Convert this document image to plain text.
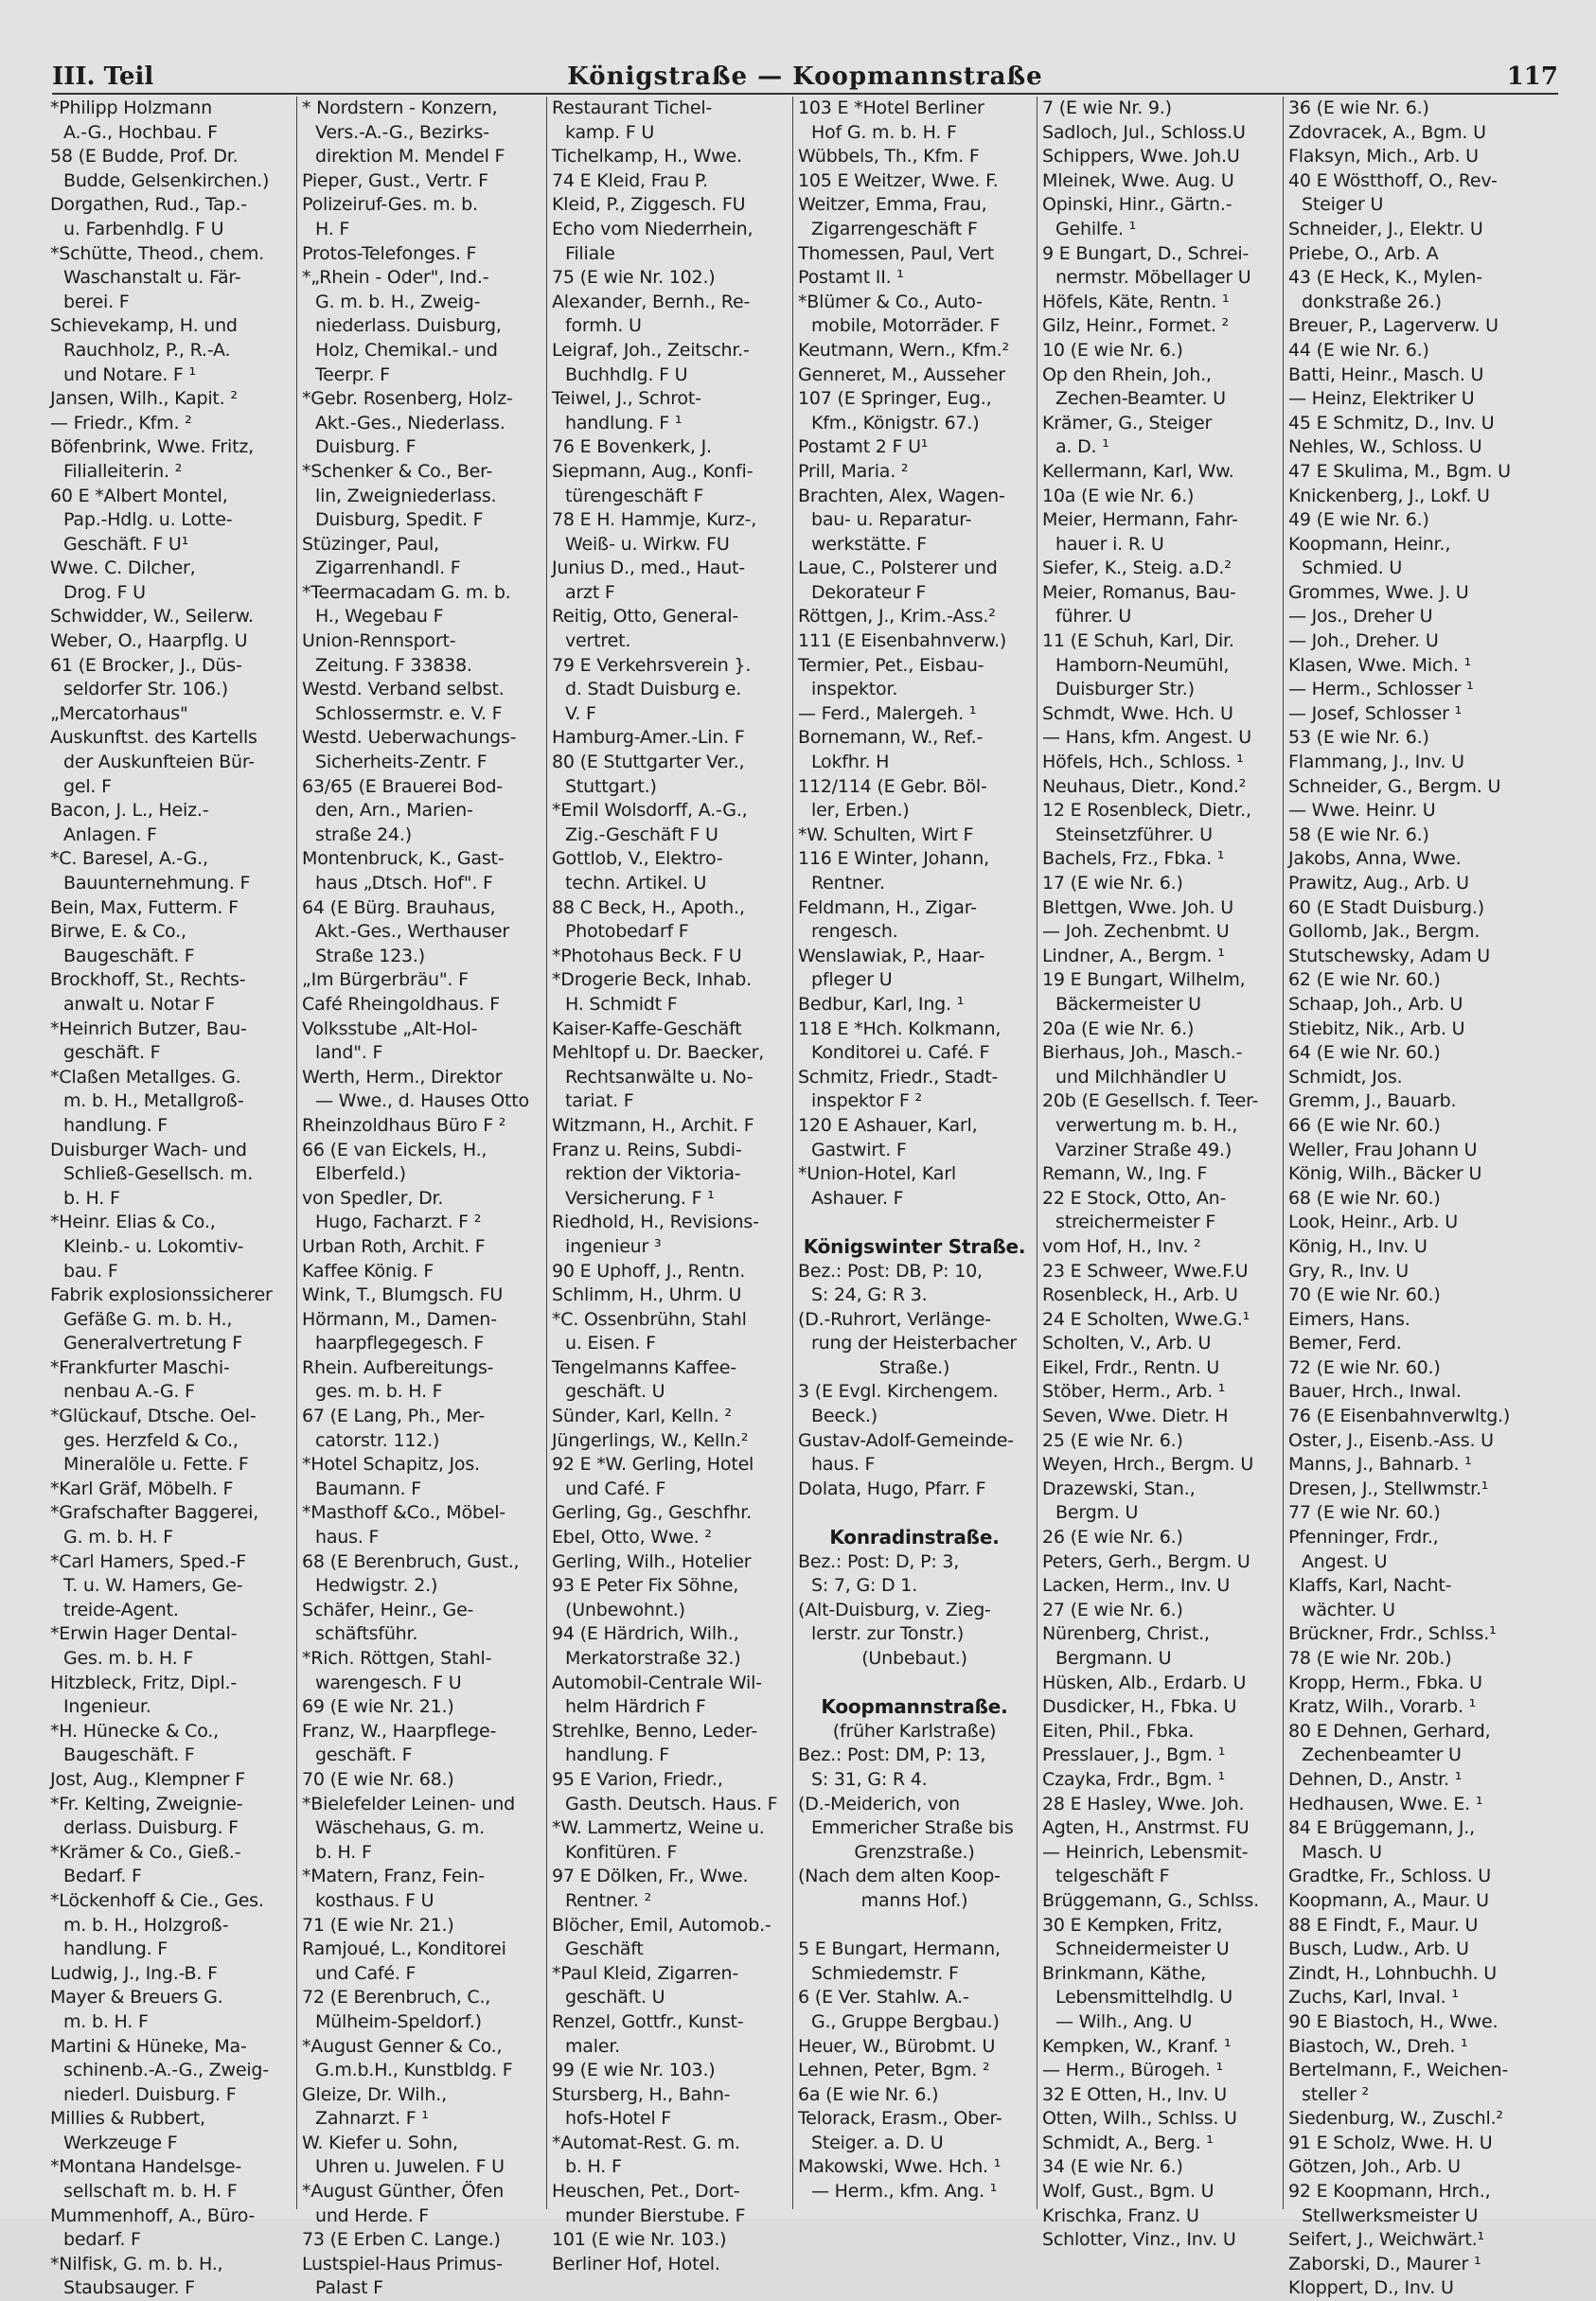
III. Teil	Königstraße — Koopmannstraße	117
*Philipp Holzmann
A.-G., Hochbau. F
58 (E Budde, Prof. Dr.
Budde, Gelsenkirchen.)
Dorgathen, Rud., Tap.-
u. Farbenhdlg. F U
*Schütte, Theod., chem.
Waschanstalt u. Fär-
berei. F
Schievekamp, H. und
Rauchholz, P., R.-A.
und Notare. F ¹
Jansen, Wilh., Kapit. ²
— Friedr., Kfm. ²
Böfenbrink, Wwe. Fritz,
Filialleiterin. ²
60 E *Albert Montel,
Pap.-Hdlg. u. Lotte-
Geschäft. F U¹
Wwe. C. Dilcher,
Drog. F U
Schwidder, W., Seilerw.
Weber, O., Haarpflg. U
61 (E Brocker, J., Düs-
seldorfer Str. 106.)
„Mercatorhaus"
Auskunftst. des Kartells
der Auskunfteien Bür-
gel. F
Bacon, J. L., Heiz.-
Anlagen. F
*C. Baresel, A.-G.,
Bauunternehmung. F
Bein, Max, Futterm. F
Birwe, E. & Co.,
Baugeschäft. F
Brockhoff, St., Rechts-
anwalt u. Notar F
*Heinrich Butzer, Bau-
geschäft. F
*Claßen Metallges. G.
m. b. H., Metallgroß-
handlung. F
Duisburger Wach- und
Schließ-Gesellsch. m.
b. H. F
*Heinr. Elias & Co.,
Kleinb.- u. Lokomtiv-
bau. F
Fabrik explosionssicherer
Gefäße G. m. b. H.,
Generalvertretung F
*Frankfurter Maschi-
nenbau A.-G. F
*Glückauf, Dtsche. Oel-
ges. Herzfeld & Co.,
Mineralöle u. Fette. F
*Karl Gräf, Möbelh. F
*Grafschafter Baggerei,
G. m. b. H. F
*Carl Hamers, Sped.-F
T. u. W. Hamers, Ge-
treide-Agent.
*Erwin Hager Dental-
Ges. m. b. H. F
Hitzbleck, Fritz, Dipl.-
Ingenieur.
*H. Hünecke & Co.,
Baugeschäft. F
Jost, Aug., Klempner F
*Fr. Kelting, Zweignie-
derlass. Duisburg. F
*Krämer & Co., Gieß.-
Bedarf. F
*Löckenhoff & Cie., Ges.
m. b. H., Holzgroß-
handlung. F
Ludwig, J., Ing.-B. F
Mayer & Breuers G.
m. b. H. F
Martini & Hüneke, Ma-
schinenb.-A.-G., Zweig-
niederl. Duisburg. F
Millies & Rubbert,
Werkzeuge F
*Montana Handelsge-
sellschaft m. b. H. F
Mummenhoff, A., Büro-
bedarf. F
*Nilfisk, G. m. b. H.,
Staubsauger. F
* Nordstern - Konzern,
Vers.-A.-G., Bezirks-
direktion M. Mendel F
Pieper, Gust., Vertr. F
Polizeiruf-Ges. m. b.
H. F
Protos-Telefonges. F
*„Rhein - Oder", Ind.-
G. m. b. H., Zweig-
niederlass. Duisburg,
Holz, Chemikal.- und
Teerpr. F
*Gebr. Rosenberg, Holz-
Akt.-Ges., Niederlass.
Duisburg. F
*Schenker & Co., Ber-
lin, Zweigniederlass.
Duisburg, Spedit. F
Stüzinger, Paul,
Zigarrenhandl. F
*Teermacadam G. m. b.
H., Wegebau F
Union-Rennsport-
Zeitung. F 33838.
Westd. Verband selbst.
Schlossermstr. e. V. F
Westd. Ueberwachungs-
Sicherheits-Zentr. F
63/65 (E Brauerei Bod-
den, Arn., Marien-
straße 24.)
Montenbruck, K., Gast-
haus „Dtsch. Hof". F
64 (E Bürg. Brauhaus,
Akt.-Ges., Werthauser
Straße 123.)
„Im Bürgerbräu". F
Café Rheingoldhaus. F
Volksstube „Alt-Hol-
land". F
Werth, Herm., Direktor
— Wwe., d. Hauses Otto
Rheinzoldhaus Büro F ²
66 (E van Eickels, H.,
Elberfeld.)
von Spedler, Dr.
Hugo, Facharzt. F ²
Urban Roth, Archit. F
Kaffee König. F
Wink, T., Blumgsch. FU
Hörmann, M., Damen-
haarpflegegesch. F
Rhein. Aufbereitungs-
ges. m. b. H. F
67 (E Lang, Ph., Mer-
catorstr. 112.)
*Hotel Schapitz, Jos.
Baumann. F
*Masthoff &Co., Möbel-
haus. F
68 (E Berenbruch, Gust.,
Hedwigstr. 2.)
Schäfer, Heinr., Ge-
schäftsführ.
*Rich. Röttgen, Stahl-
warengesch. F U
69 (E wie Nr. 21.)
Franz, W., Haarpflege-
geschäft. F
70 (E wie Nr. 68.)
*Bielefelder Leinen- und
Wäschehaus, G. m.
b. H. F
*Matern, Franz, Fein-
kosthaus. F U
71 (E wie Nr. 21.)
Ramjoué, L., Konditorei
und Café. F
72 (E Berenbruch, C.,
Mülheim-Speldorf.)
*August Genner & Co.,
G.m.b.H., Kunstbldg. F
Gleize, Dr. Wilh.,
Zahnarzt. F ¹
W. Kiefer u. Sohn,
Uhren u. Juwelen. F U
*August Günther, Öfen
und Herde. F
73 (E Erben C. Lange.)
Lustspiel-Haus Primus-
Palast F
Restaurant Tichel-
kamp. F U
Tichelkamp, H., Wwe.
74 E Kleid, Frau P.
Kleid, P., Ziggesch. FU
Echo vom Niederrhein,
Filiale
75 (E wie Nr. 102.)
Alexander, Bernh., Re-
formh. U
Leigraf, Joh., Zeitschr.-
Buchhdlg. F U
Teiwel, J., Schrot-
handlung. F ¹
76 E Bovenkerk, J.
Siepmann, Aug., Konfi-
türengeschäft F
78 E H. Hammje, Kurz-,
Weiß- u. Wirkw. FU
Junius D., med., Haut-
arzt F
Reitig, Otto, General-
vertret.
79 E Verkehrsverein }.
d. Stadt Duisburg e.
V. F
Hamburg-Amer.-Lin. F
80 (E Stuttgarter Ver.,
Stuttgart.)
*Emil Wolsdorff, A.-G.,
Zig.-Geschäft F U
Gottlob, V., Elektro-
techn. Artikel. U
88 C Beck, H., Apoth.,
Photobedarf F
*Photohaus Beck. F U
*Drogerie Beck, Inhab.
H. Schmidt F
Kaiser-Kaffe-Geschäft
Mehltopf u. Dr. Baecker,
Rechtsanwälte u. No-
tariat. F
Witzmann, H., Archit. F
Franz u. Reins, Subdi-
rektion der Viktoria-
Versicherung. F ¹
Riedhold, H., Revisions-
ingenieur ³
90 E Uphoff, J., Rentn.
Schlimm, H., Uhrm. U
*C. Ossenbrühn, Stahl
u. Eisen. F
Tengelmanns Kaffee-
geschäft. U
Sünder, Karl, Kelln. ²
Jüngerlings, W., Kelln.²
92 E *W. Gerling, Hotel
und Café. F
Gerling, Gg., Geschfhr.
Ebel, Otto, Wwe. ²
Gerling, Wilh., Hotelier
93 E Peter Fix Söhne,
(Unbewohnt.)
94 (E Härdrich, Wilh.,
Merkatorstraße 32.)
Automobil-Centrale Wil-
helm Härdrich F
Strehlke, Benno, Leder-
handlung. F
95 E Varion, Friedr.,
Gasth. Deutsch. Haus. F
*W. Lammertz, Weine u.
Konfitüren. F
97 E Dölken, Fr., Wwe.
Rentner. ²
Blöcher, Emil, Automob.-
Geschäft
*Paul Kleid, Zigarren-
geschäft. U
Renzel, Gottfr., Kunst-
maler.
99 (E wie Nr. 103.)
Stursberg, H., Bahn-
hofs-Hotel F
*Automat-Rest. G. m.
b. H. F
Heuschen, Pet., Dort-
munder Bierstube. F
101 (E wie Nr. 103.)
Berliner Hof, Hotel.
103 E *Hotel Berliner
Hof G. m. b. H. F
Wübbels, Th., Kfm. F
105 E Weitzer, Wwe. F.
Weitzer, Emma, Frau,
Zigarrengeschäft F
Thomessen, Paul, Vert
Postamt II. ¹
*Blümer & Co., Auto-
mobile, Motorräder. F
Keutmann, Wern., Kfm.²
Genneret, M., Ausseher
107 (E Springer, Eug.,
Kfm., Königstr. 67.)
Postamt 2 F U¹
Prill, Maria. ²
Brachten, Alex, Wagen-
bau- u. Reparatur-
werkstätte. F
Laue, C., Polsterer und
Dekorateur F
Röttgen, J., Krim.-Ass.²
111 (E Eisenbahnverw.)
Termier, Pet., Eisbau-
inspektor.
— Ferd., Malergeh. ¹
Bornemann, W., Ref.-
Lokfhr. H
112/114 (E Gebr. Böl-
ler, Erben.)
*W. Schulten, Wirt F
116 E Winter, Johann,
Rentner.
Feldmann, H., Zigar-
rengesch.
Wenslawiak, P., Haar-
pfleger U
Bedbur, Karl, Ing. ¹
118 E *Hch. Kolkmann,
Konditorei u. Café. F
Schmitz, Friedr., Stadt-
inspektor F ²
120 E Ashauer, Karl,
Gastwirt. F
*Union-Hotel, Karl
Ashauer. F
Königswinter Straße.
Bez.: Post: DB, P: 10,
S: 24, G: R 3.
(D.-Ruhrort, Verlänge-
rung der Heisterbacher
Straße.)
3 (E Evgl. Kirchengem.
Beeck.)
Gustav-Adolf-Gemeinde-
haus. F
Dolata, Hugo, Pfarr. F
Konradinstraße.
Bez.: Post: D, P: 3,
S: 7, G: D 1.
(Alt-Duisburg, v. Zieg-
lerstr. zur Tonstr.)
(Unbebaut.)
Koopmannstraße.
(früher Karlstraße)
Bez.: Post: DM, P: 13,
S: 31, G: R 4.
(D.-Meiderich, von
Emmericher Straße bis
Grenzstraße.)
(Nach dem alten Koop-
manns Hof.)
5 E Bungart, Hermann,
Schmiedemstr. F
6 (E Ver. Stahlw. A.-
G., Gruppe Bergbau.)
Heuer, W., Bürobmt. U
Lehnen, Peter, Bgm. ²
6a (E wie Nr. 6.)
Telorack, Erasm., Ober-
Steiger. a. D. U
Makowski, Wwe. Hch. ¹
— Herm., kfm. Ang. ¹
7 (E wie Nr. 9.)
Sadloch, Jul., Schloss.U
Schippers, Wwe. Joh.U
Mleinek, Wwe. Aug. U
Opinski, Hinr., Gärtn.-
Gehilfe. ¹
9 E Bungart, D., Schrei-
nermstr. Möbellager U
Höfels, Käte, Rentn. ¹
Gilz, Heinr., Formet. ²
10 (E wie Nr. 6.)
Op den Rhein, Joh.,
Zechen-Beamter. U
Krämer, G., Steiger
a. D. ¹
Kellermann, Karl, Ww.
10a (E wie Nr. 6.)
Meier, Hermann, Fahr-
hauer i. R. U
Siefer, K., Steig. a.D.²
Meier, Romanus, Bau-
führer. U
11 (E Schuh, Karl, Dir.
Hamborn-Neumühl,
Duisburger Str.)
Schmdt, Wwe. Hch. U
— Hans, kfm. Angest. U
Höfels, Hch., Schloss. ¹
Neuhaus, Dietr., Kond.²
12 E Rosenbleck, Dietr.,
Steinsetzführer. U
Bachels, Frz., Fbka. ¹
17 (E wie Nr. 6.)
Blettgen, Wwe. Joh. U
— Joh. Zechenbmt. U
Lindner, A., Bergm. ¹
19 E Bungart, Wilhelm,
Bäckermeister U
20a (E wie Nr. 6.)
Bierhaus, Joh., Masch.-
und Milchhändler U
20b (E Gesellsch. f. Teer-
verwertung m. b. H.,
Varziner Straße 49.)
Remann, W., Ing. F
22 E Stock, Otto, An-
streichermeister F
vom Hof, H., Inv. ²
23 E Schweer, Wwe.F.U
Rosenbleck, H., Arb. U
24 E Scholten, Wwe.G.¹
Scholten, V., Arb. U
Eikel, Frdr., Rentn. U
Stöber, Herm., Arb. ¹
Seven, Wwe. Dietr. H
25 (E wie Nr. 6.)
Weyen, Hrch., Bergm. U
Drazewski, Stan.,
Bergm. U
26 (E wie Nr. 6.)
Peters, Gerh., Bergm. U
Lacken, Herm., Inv. U
27 (E wie Nr. 6.)
Nürenberg, Christ.,
Bergmann. U
Hüsken, Alb., Erdarb. U
Dusdicker, H., Fbka. U
Eiten, Phil., Fbka.
Presslauer, J., Bgm. ¹
Czayka, Frdr., Bgm. ¹
28 E Hasley, Wwe. Joh.
Agten, H., Anstrmst. FU
— Heinrich, Lebensmit-
telgeschäft F
Brüggemann, G., Schlss.
30 E Kempken, Fritz,
Schneidermeister U
Brinkmann, Käthe,
Lebensmittelhdlg. U
— Wilh., Ang. U
Kempken, W., Kranf. ¹
— Herm., Bürogeh. ¹
32 E Otten, H., Inv. U
Otten, Wilh., Schlss. U
Schmidt, A., Berg. ¹
34 (E wie Nr. 6.)
Wolf, Gust., Bgm. U
Krischka, Franz. U
Schlotter, Vinz., Inv. U
36 (E wie Nr. 6.)
Zdovracek, A., Bgm. U
Flaksyn, Mich., Arb. U
40 E Wöstthoff, O., Rev-
Steiger U
Schneider, J., Elektr. U
Priebe, O., Arb. A
43 (E Heck, K., Mylen-
donkstraße 26.)
Breuer, P., Lagerverw. U
44 (E wie Nr. 6.)
Batti, Heinr., Masch. U
— Heinz, Elektriker U
45 E Schmitz, D., Inv. U
Nehles, W., Schloss. U
47 E Skulima, M., Bgm. U
Knickenberg, J., Lokf. U
49 (E wie Nr. 6.)
Koopmann, Heinr.,
Schmied. U
Grommes, Wwe. J. U
— Jos., Dreher U
— Joh., Dreher. U
Klasen, Wwe. Mich. ¹
— Herm., Schlosser ¹
— Josef, Schlosser ¹
53 (E wie Nr. 6.)
Flammang, J., Inv. U
Schneider, G., Bergm. U
— Wwe. Heinr. U
58 (E wie Nr. 6.)
Jakobs, Anna, Wwe.
Prawitz, Aug., Arb. U
60 (E Stadt Duisburg.)
Gollomb, Jak., Bergm.
Stutschewsky, Adam U
62 (E wie Nr. 60.)
Schaap, Joh., Arb. U
Stiebitz, Nik., Arb. U
64 (E wie Nr. 60.)
Schmidt, Jos.
Gremm, J., Bauarb.
66 (E wie Nr. 60.)
Weller, Frau Johann U
König, Wilh., Bäcker U
68 (E wie Nr. 60.)
Look, Heinr., Arb. U
König, H., Inv. U
Gry, R., Inv. U
70 (E wie Nr. 60.)
Eimers, Hans.
Bemer, Ferd.
72 (E wie Nr. 60.)
Bauer, Hrch., Inwal.
76 (E Eisenbahnverwltg.)
Oster, J., Eisenb.-Ass. U
Manns, J., Bahnarb. ¹
Dresen, J., Stellwmstr.¹
77 (E wie Nr. 60.)
Pfenninger, Frdr.,
Angest. U
Klaffs, Karl, Nacht-
wächter. U
Brückner, Frdr., Schlss.¹
78 (E wie Nr. 20b.)
Kropp, Herm., Fbka. U
Kratz, Wilh., Vorarb. ¹
80 E Dehnen, Gerhard,
Zechenbeamter U
Dehnen, D., Anstr. ¹
Hedhausen, Wwe. E. ¹
84 E Brüggemann, J.,
Masch. U
Gradtke, Fr., Schloss. U
Koopmann, A., Maur. U
88 E Findt, F., Maur. U
Busch, Ludw., Arb. U
Zindt, H., Lohnbuchh. U
Zuchs, Karl, Inval. ¹
90 E Biastoch, H., Wwe.
Biastoch, W., Dreh. ¹
Bertelmann, F., Weichen-
steller ²
Siedenburg, W., Zuschl.²
91 E Scholz, Wwe. H. U
Götzen, Joh., Arb. U
92 E Koopmann, Hrch.,
Stellwerksmeister U
Seifert, J., Weichwärt.¹
Zaborski, D., Maurer ¹
Kloppert, D., Inv. U
